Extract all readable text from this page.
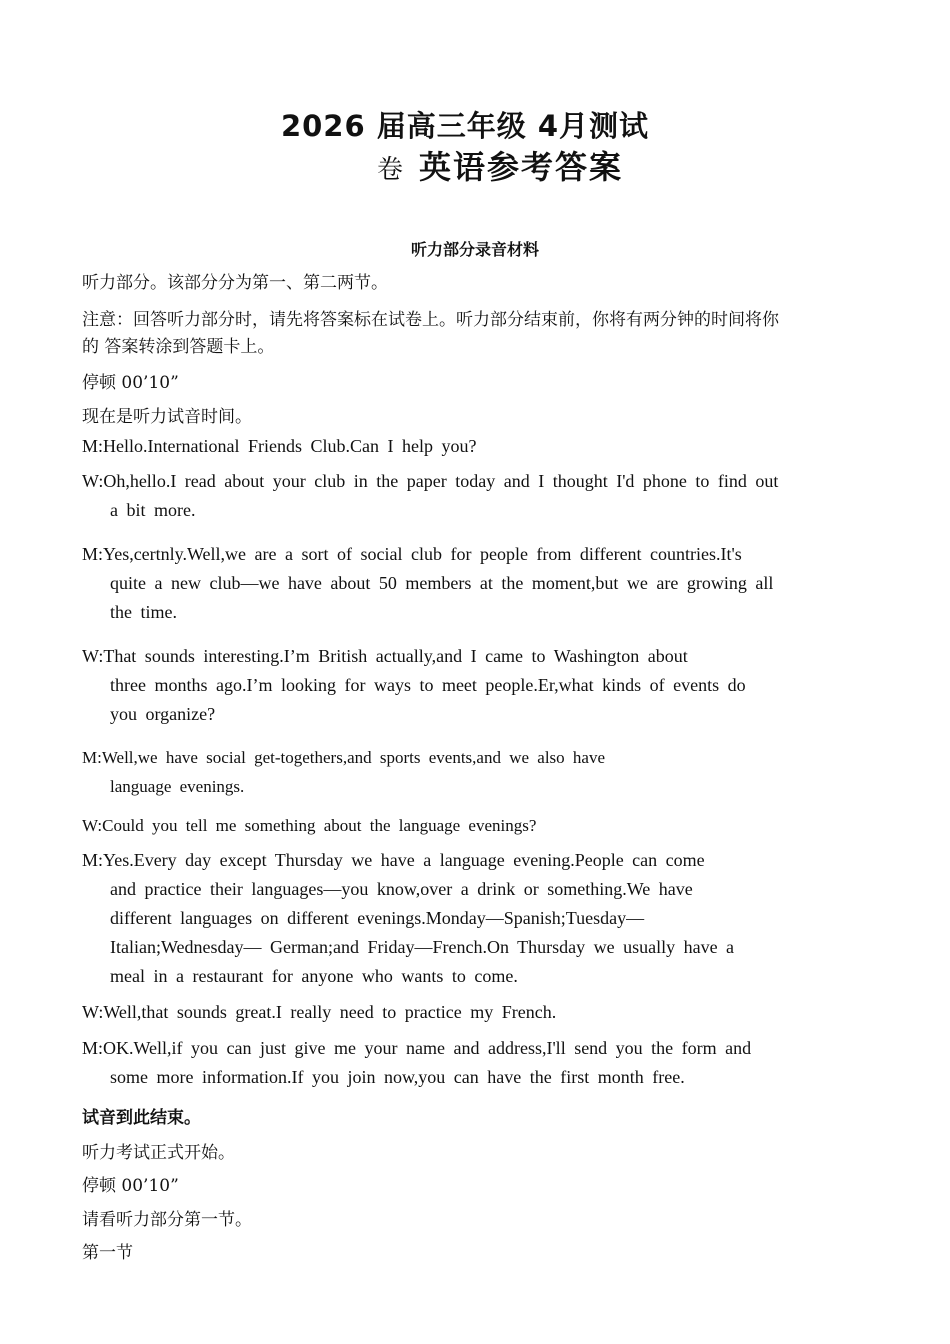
2026 届高三年级 4月测试
卷 英语参考答案
听力部分录音材料
听力部分。该部分分为第一、第二两节。
注意：回答听力部分时，请先将答案标在试卷上。听力部分结束前，你将有两分钟的时间将你
的 答案转涂到答题卡上。
停顿 00’10”
现在是听力试音时间。
M:Hello.International Friends Club.Can I help you?
W:Oh,hello.I read about your club in the paper today and I thought I'd phone to find out
a bit more.
M:Yes,certnly.Well,we are a sort of social club for people from different countries.It's
quite a new club—we have about 50 members at the moment,but we are growing all
the time.
W:That sounds interesting.I’m British actually,and I came to Washington about
three months ago.I’m looking for ways to meet people.Er,what kinds of events do
you organize?
M:Well,we have social get-togethers,and sports events,and we also have
language evenings.
W:Could you tell me something about the language evenings?
M:Yes.Every day except Thursday we have a language evening.People can come
and practice their languages—you know,over a drink or something.We have
different languages on different evenings.Monday—Spanish;Tuesday—
Italian;Wednesday— German;and Friday—French.On Thursday we usually have a
meal in a restaurant for anyone who wants to come.
W:Well,that sounds great.I really need to practice my French.
M:OK.Well,if you can just give me your name and address,I'll send you the form and
some more information.If you join now,you can have the first month free.
试音到此结束。
听力考试正式开始。
停顿 00’10”
请看听力部分第一节。
第一节
